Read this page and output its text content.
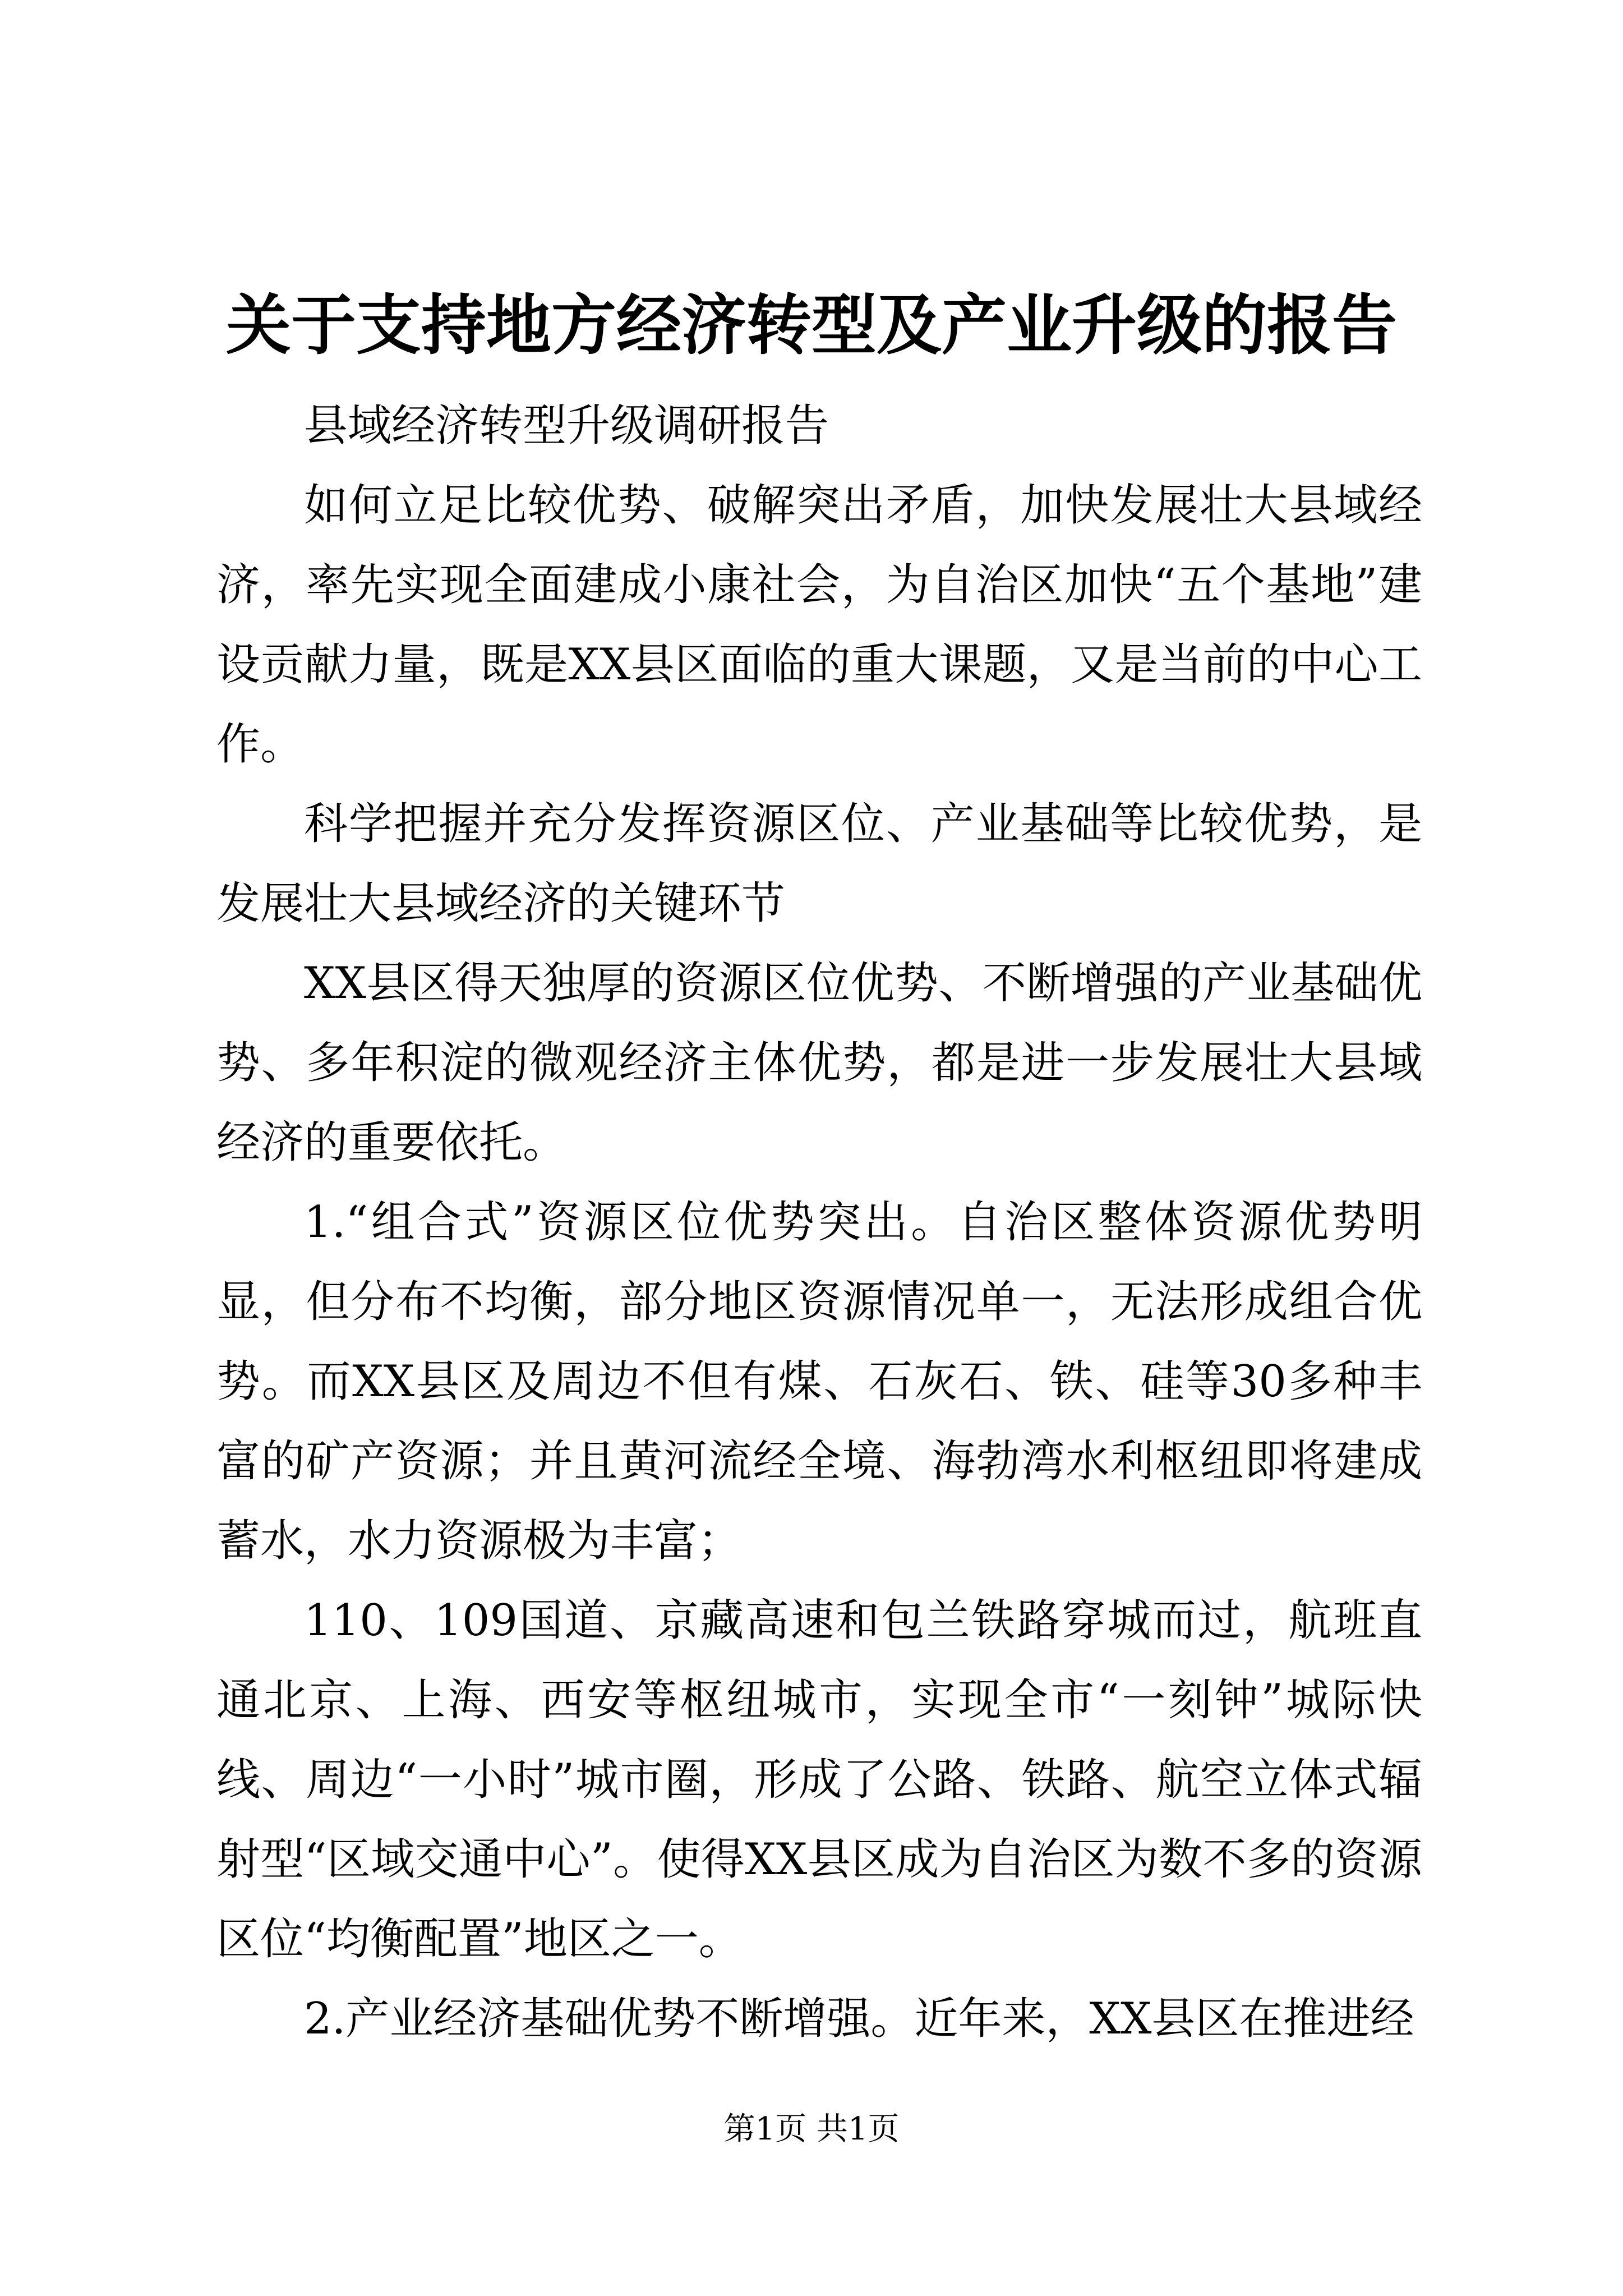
关于支持地方经济转型及产业升级的报告

县域经济转型升级调研报告

如何立足比较优势、破解突出矛盾，加快发展壮大县域经济，率先实现全面建成小康社会，为自治区加快“五个基地”建设贡献力量，既是XX县区面临的重大课题，又是当前的中心工作。

科学把握并充分发挥资源区位、产业基础等比较优势，是发展壮大县域经济的关键环节

XX县区得天独厚的资源区位优势、不断增强的产业基础优势、多年积淀的微观经济主体优势，都是进一步发展壮大县域经济的重要依托。

1.“组合式”资源区位优势突出。自治区整体资源优势明显，但分布不均衡，部分地区资源情况单一，无法形成组合优势。而XX县区及周边不但有煤、石灰石、铁、硅等30多种丰富的矿产资源；并且黄河流经全境、海勃湾水利枢纽即将建成蓄水，水力资源极为丰富；

110、109国道、京藏高速和包兰铁路穿城而过，航班直通北京、上海、西安等枢纽城市，实现全市“一刻钟”城际快线、周边“一小时”城市圈，形成了公路、铁路、航空立体式辐射型“区域交通中心”。使得XX县区成为自治区为数不多的资源区位“均衡配置”地区之一。

2.产业经济基础优势不断增强。近年来，XX县区在推进经

第1页 共1页
